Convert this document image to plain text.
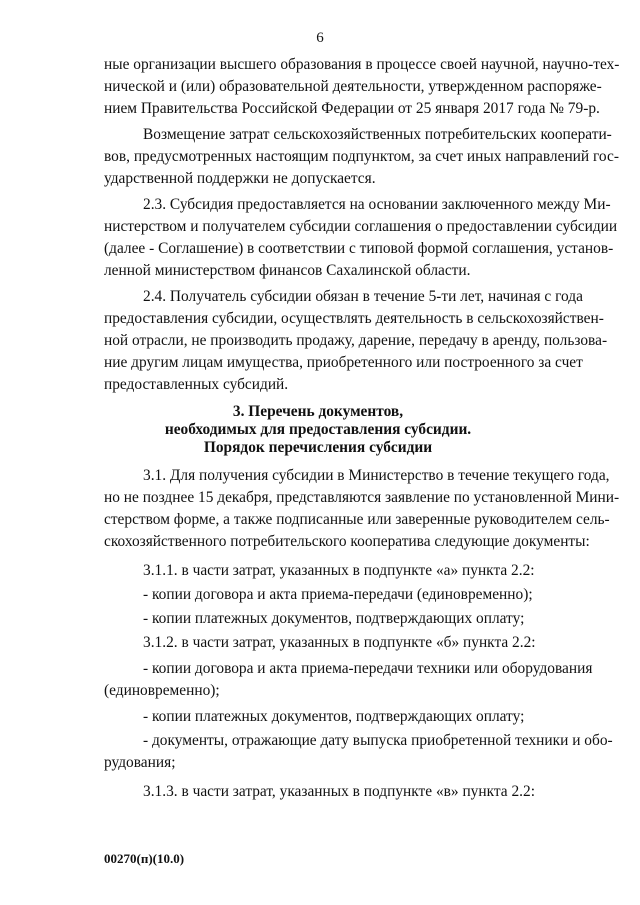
6
ные организации высшего образования в процессе своей научной, научно-тех-
нической и (или) образовательной деятельности, утвержденном распоряже-
нием Правительства Российской Федерации от 25 января 2017 года № 79-р.
Возмещение затрат сельскохозяйственных потребительских кооперати-
вов, предусмотренных настоящим подпунктом, за счет иных направлений гос-
ударственной поддержки не допускается.
2.3. Субсидия предоставляется на основании заключенного между Ми-
нистерством и получателем субсидии соглашения о предоставлении субсидии
(далее - Соглашение) в соответствии с типовой формой соглашения, установ-
ленной министерством финансов Сахалинской области.
2.4. Получатель субсидии обязан в течение 5-ти лет, начиная с года
предоставления субсидии, осуществлять деятельность в сельскохозяйствен-
ной отрасли, не производить продажу, дарение, передачу в аренду, пользова-
ние другим лицам имущества, приобретенного или построенного за счет
предоставленных субсидий.
3. Перечень документов,
необходимых для предоставления субсидии.
Порядок перечисления субсидии
3.1. Для получения субсидии в Министерство в течение текущего года,
но не позднее 15 декабря, представляются заявление по установленной Мини-
стерством форме, а также подписанные или заверенные руководителем сель-
скохозяйственного потребительского кооператива следующие документы:
3.1.1. в части затрат, указанных в подпункте «а» пункта 2.2:
- копии договора и акта приема-передачи (единовременно);
- копии платежных документов, подтверждающих оплату;
3.1.2. в части затрат, указанных в подпункте «б» пункта 2.2:
- копии договора и акта приема-передачи техники или оборудования
(единовременно);
- копии платежных документов, подтверждающих оплату;
- документы, отражающие дату выпуска приобретенной техники и обо-
рудования;
3.1.3. в части затрат, указанных в подпункте «в» пункта 2.2:
00270(п)(10.0)
